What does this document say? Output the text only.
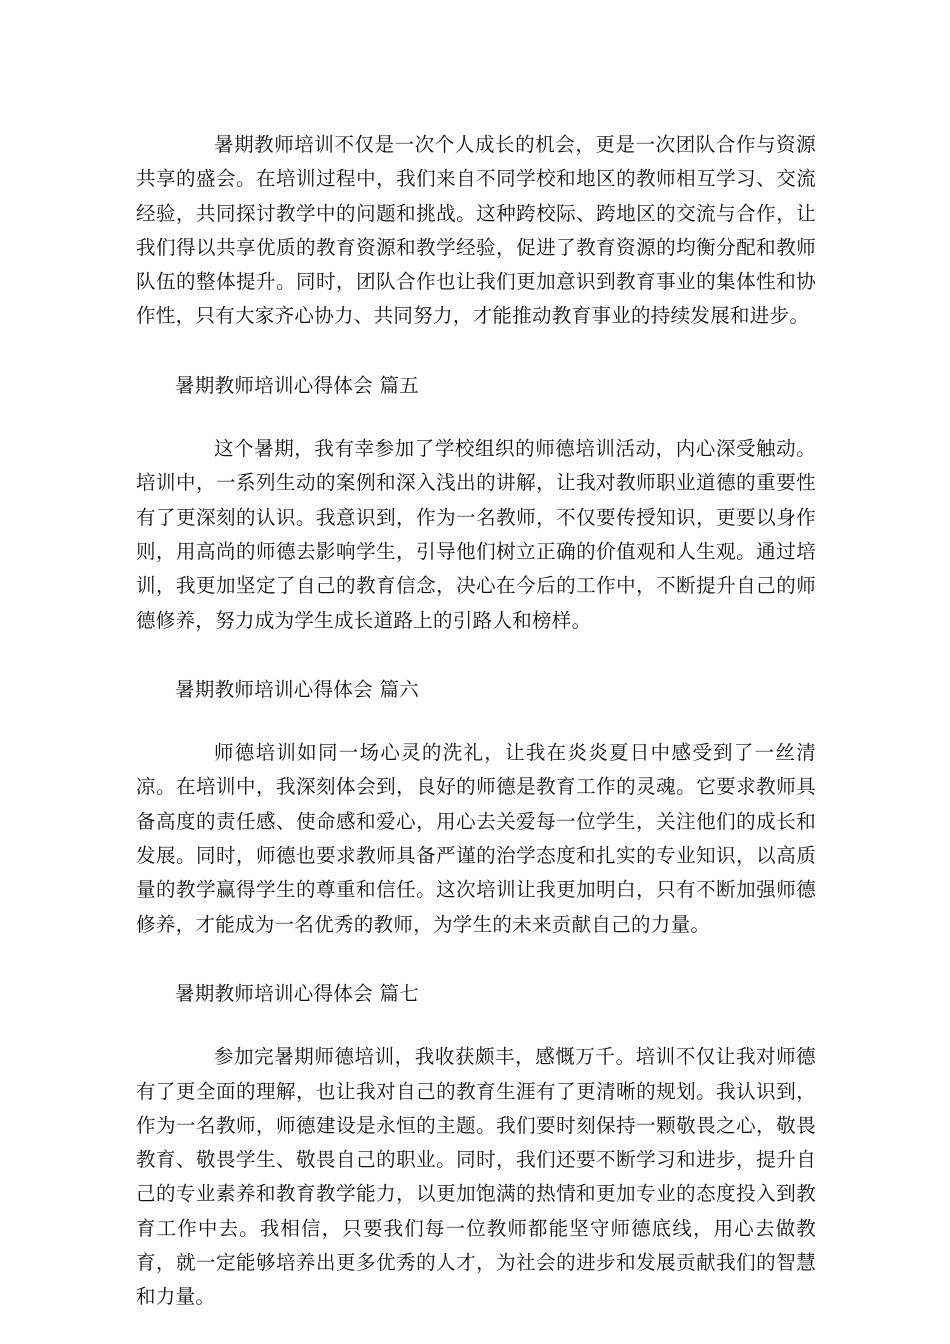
暑期教师培训不仅是一次个人成长的机会，更是一次团队合作与资源共享的盛会。在培训过程中，我们来自不同学校和地区的教师相互学习、交流经验，共同探讨教学中的问题和挑战。这种跨校际、跨地区的交流与合作，让我们得以共享优质的教育资源和教学经验，促进了教育资源的均衡分配和教师队伍的整体提升。同时，团队合作也让我们更加意识到教育事业的集体性和协作性，只有大家齐心协力、共同努力，才能推动教育事业的持续发展和进步。

暑期教师培训心得体会 篇五

这个暑期，我有幸参加了学校组织的师德培训活动，内心深受触动。培训中，一系列生动的案例和深入浅出的讲解，让我对教师职业道德的重要性有了更深刻的认识。我意识到，作为一名教师，不仅要传授知识，更要以身作则，用高尚的师德去影响学生，引导他们树立正确的价值观和人生观。通过培训，我更加坚定了自己的教育信念，决心在今后的工作中，不断提升自己的师德修养，努力成为学生成长道路上的引路人和榜样。

暑期教师培训心得体会 篇六

师德培训如同一场心灵的洗礼，让我在炎炎夏日中感受到了一丝清凉。在培训中，我深刻体会到，良好的师德是教育工作的灵魂。它要求教师具备高度的责任感、使命感和爱心，用心去关爱每一位学生，关注他们的成长和发展。同时，师德也要求教师具备严谨的治学态度和扎实的专业知识，以高质量的教学赢得学生的尊重和信任。这次培训让我更加明白，只有不断加强师德修养，才能成为一名优秀的教师，为学生的未来贡献自己的力量。

暑期教师培训心得体会 篇七

参加完暑期师德培训，我收获颇丰，感慨万千。培训不仅让我对师德有了更全面的理解，也让我对自己的教育生涯有了更清晰的规划。我认识到，作为一名教师，师德建设是永恒的主题。我们要时刻保持一颗敬畏之心，敬畏教育、敬畏学生、敬畏自己的职业。同时，我们还要不断学习和进步，提升自己的专业素养和教育教学能力，以更加饱满的热情和更加专业的态度投入到教育工作中去。我相信，只要我们每一位教师都能坚守师德底线，用心去做教育，就一定能够培养出更多优秀的人才，为社会的进步和发展贡献我们的智慧和力量。
